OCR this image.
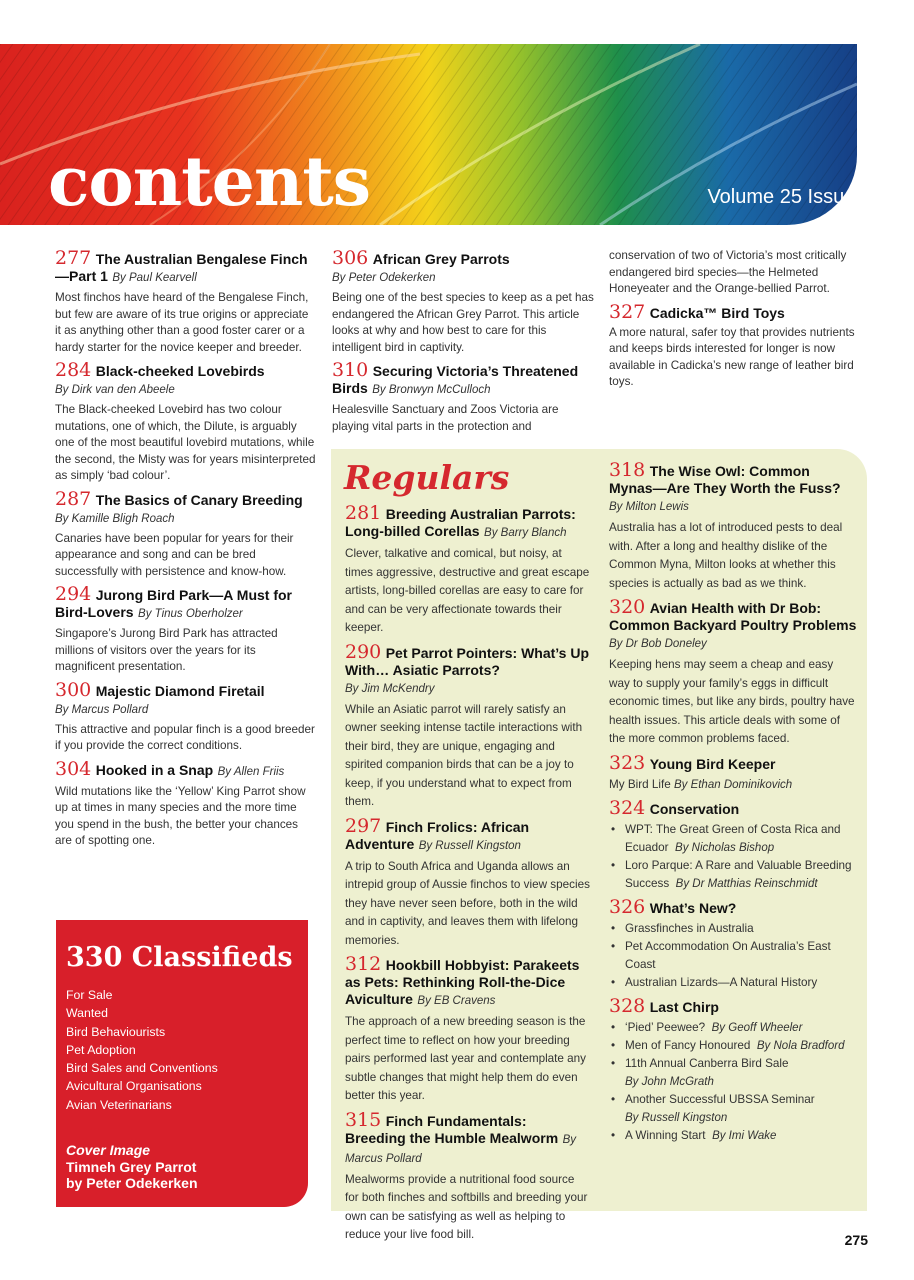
contents	Volume 25 Issue 5
277 The Australian Bengalese Finch—Part 1 By Paul Kearvell
Most finchos have heard of the Bengalese Finch, but few are aware of its true origins or appreciate it as anything other than a good foster carer or a hardy starter for the novice keeper and breeder.
284 Black-cheeked Lovebirds
By Dirk van den Abeele
The Black-cheeked Lovebird has two colour mutations, one of which, the Dilute, is arguably one of the most beautiful lovebird mutations, while the second, the Misty was for years misinterpreted as simply ‘bad colour’.
287 The Basics of Canary Breeding
By Kamille Bligh Roach
Canaries have been popular for years for their appearance and song and can be bred successfully with persistence and know-how.
294 Jurong Bird Park—A Must for Bird-Lovers By Tinus Oberholzer
Singapore’s Jurong Bird Park has attracted millions of visitors over the years for its magnificent presentation.
300 Majestic Diamond Firetail
By Marcus Pollard
This attractive and popular finch is a good breeder if you provide the correct conditions.
304 Hooked in a Snap By Allen Friis
Wild mutations like the ‘Yellow’ King Parrot show up at times in many species and the more time you spend in the bush, the better your chances are of spotting one.
306 African Grey Parrots
By Peter Odekerken
Being one of the best species to keep as a pet has endangered the African Grey Parrot. This article looks at why and how best to care for this intelligent bird in captivity.
310 Securing Victoria’s Threatened Birds By Bronwyn McCulloch
Healesville Sanctuary and Zoos Victoria are playing vital parts in the protection and
conservation of two of Victoria’s most critically endangered bird species—the Helmeted Honeyeater and the Orange-bellied Parrot.
327 Cadicka™ Bird Toys
A more natural, safer toy that provides nutrients and keeps birds interested for longer is now available in Cadicka’s new range of leather bird toys.
Regulars
281 Breeding Australian Parrots: Long-billed Corellas By Barry Blanch
Clever, talkative and comical, but noisy, at times aggressive, destructive and great escape artists, long-billed corellas are easy to care for and can be very affectionate towards their keeper.
290 Pet Parrot Pointers: What’s Up With… Asiatic Parrots?
By Jim McKendry
While an Asiatic parrot will rarely satisfy an owner seeking intense tactile interactions with their bird, they are unique, engaging and spirited companion birds that can be a joy to keep, if you understand what to expect from them.
297 Finch Frolics: African Adventure By Russell Kingston
A trip to South Africa and Uganda allows an intrepid group of Aussie finchos to view species they have never seen before, both in the wild and in captivity, and leaves them with lifelong memories.
312 Hookbill Hobbyist: Parakeets as Pets: Rethinking Roll-the-Dice Aviculture By EB Cravens
The approach of a new breeding season is the perfect time to reflect on how your breeding pairs performed last year and contemplate any subtle changes that might help them do even better this year.
315 Finch Fundamentals: Breeding the Humble Mealworm By Marcus Pollard
Mealworms provide a nutritional food source for both finches and softbills and breeding your own can be satisfying as well as helping to reduce your live food bill.
318 The Wise Owl: Common Mynas—Are They Worth the Fuss?
By Milton Lewis
Australia has a lot of introduced pests to deal with. After a long and healthy dislike of the Common Myna, Milton looks at whether this species is actually as bad as we think.
320 Avian Health with Dr Bob: Common Backyard Poultry Problems
By Dr Bob Doneley
Keeping hens may seem a cheap and easy way to supply your family’s eggs in difficult economic times, but like any birds, poultry have health issues. This article deals with some of the more common problems faced.
323 Young Bird Keeper
My Bird Life By Ethan Dominikovich
324 Conservation
• WPT: The Great Green of Costa Rica and Ecuador By Nicholas Bishop
• Loro Parque: A Rare and Valuable Breeding Success By Dr Matthias Reinschmidt
326 What’s New?
• Grassfinches in Australia
• Pet Accommodation On Australia’s East Coast
• Australian Lizards—A Natural History
328 Last Chirp
• ‘Pied’ Peewee? By Geoff Wheeler
• Men of Fancy Honoured By Nola Bradford
• 11th Annual Canberra Bird Sale
By John McGrath
• Another Successful UBSSA Seminar
By Russell Kingston
• A Winning Start By Imi Wake
330 Classifieds
For Sale
Wanted
Bird Behaviourists
Pet Adoption
Bird Sales and Conventions
Avicultural Organisations
Avian Veterinarians
Cover Image
Timneh Grey Parrot
by Peter Odekerken
275
